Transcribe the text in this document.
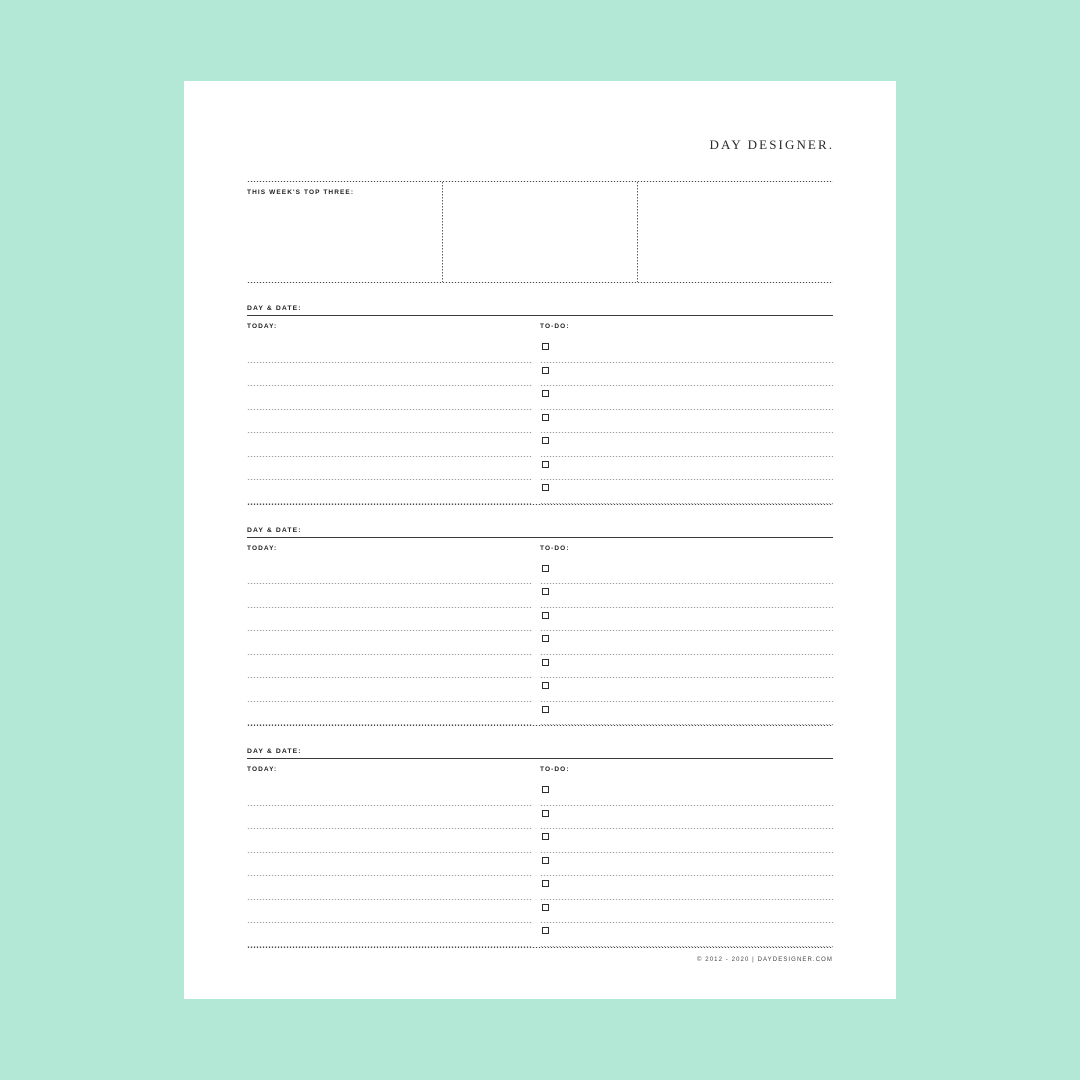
DAY DESIGNER.
THIS WEEK'S TOP THREE:
DAY & DATE:
TODAY:	TO-DO:
DAY & DATE:
TODAY:	TO-DO:
DAY & DATE:
TODAY:	TO-DO:
© 2012 - 2020 | DAYDESIGNER.COM
